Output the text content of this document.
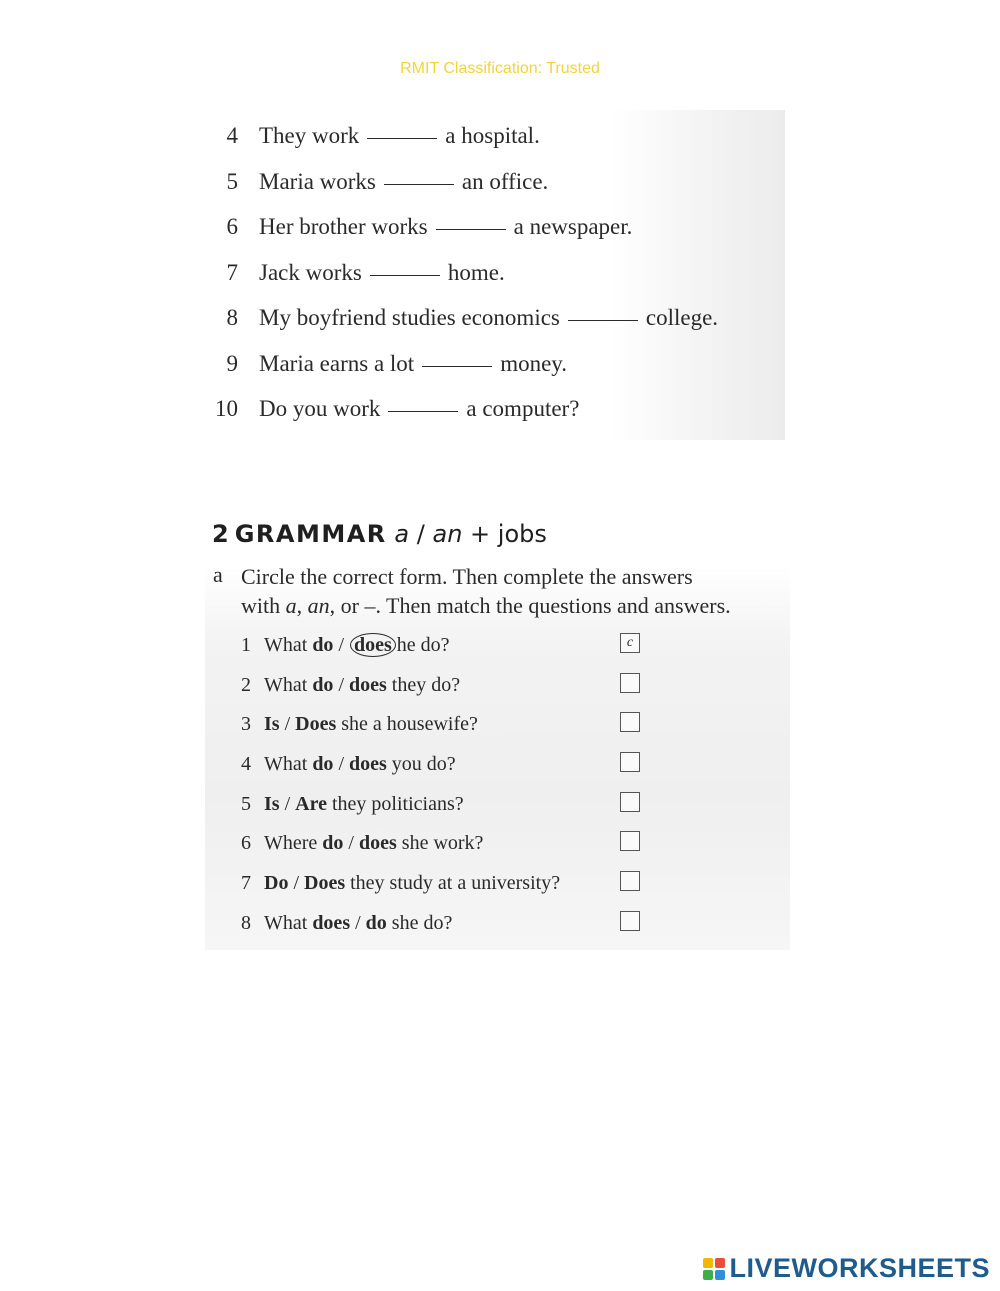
RMIT Classification: Trusted
4 They work	a hospital.
5 Maria works	an office.
6 Her brother works	a newspaper.
7 Jack works	home.
8 My boyfriend studies economics	college.
9 Maria earns a lot	money.
10 Do you work	a computer?
2 GRAMMAR a / an + jobs
a Circle the correct form. Then complete the answers
with a, an, or –. Then match the questions and answers.
1 What do / does he do?	c
2 What do / does they do?
3 Is / Does she a housewife?
4 What do / does you do?
5 Is / Are they politicians?
6 Where do / does she work?
7 Do / Does they study at a university?
8 What does / do she do?
LIVEWORKSHEETS
